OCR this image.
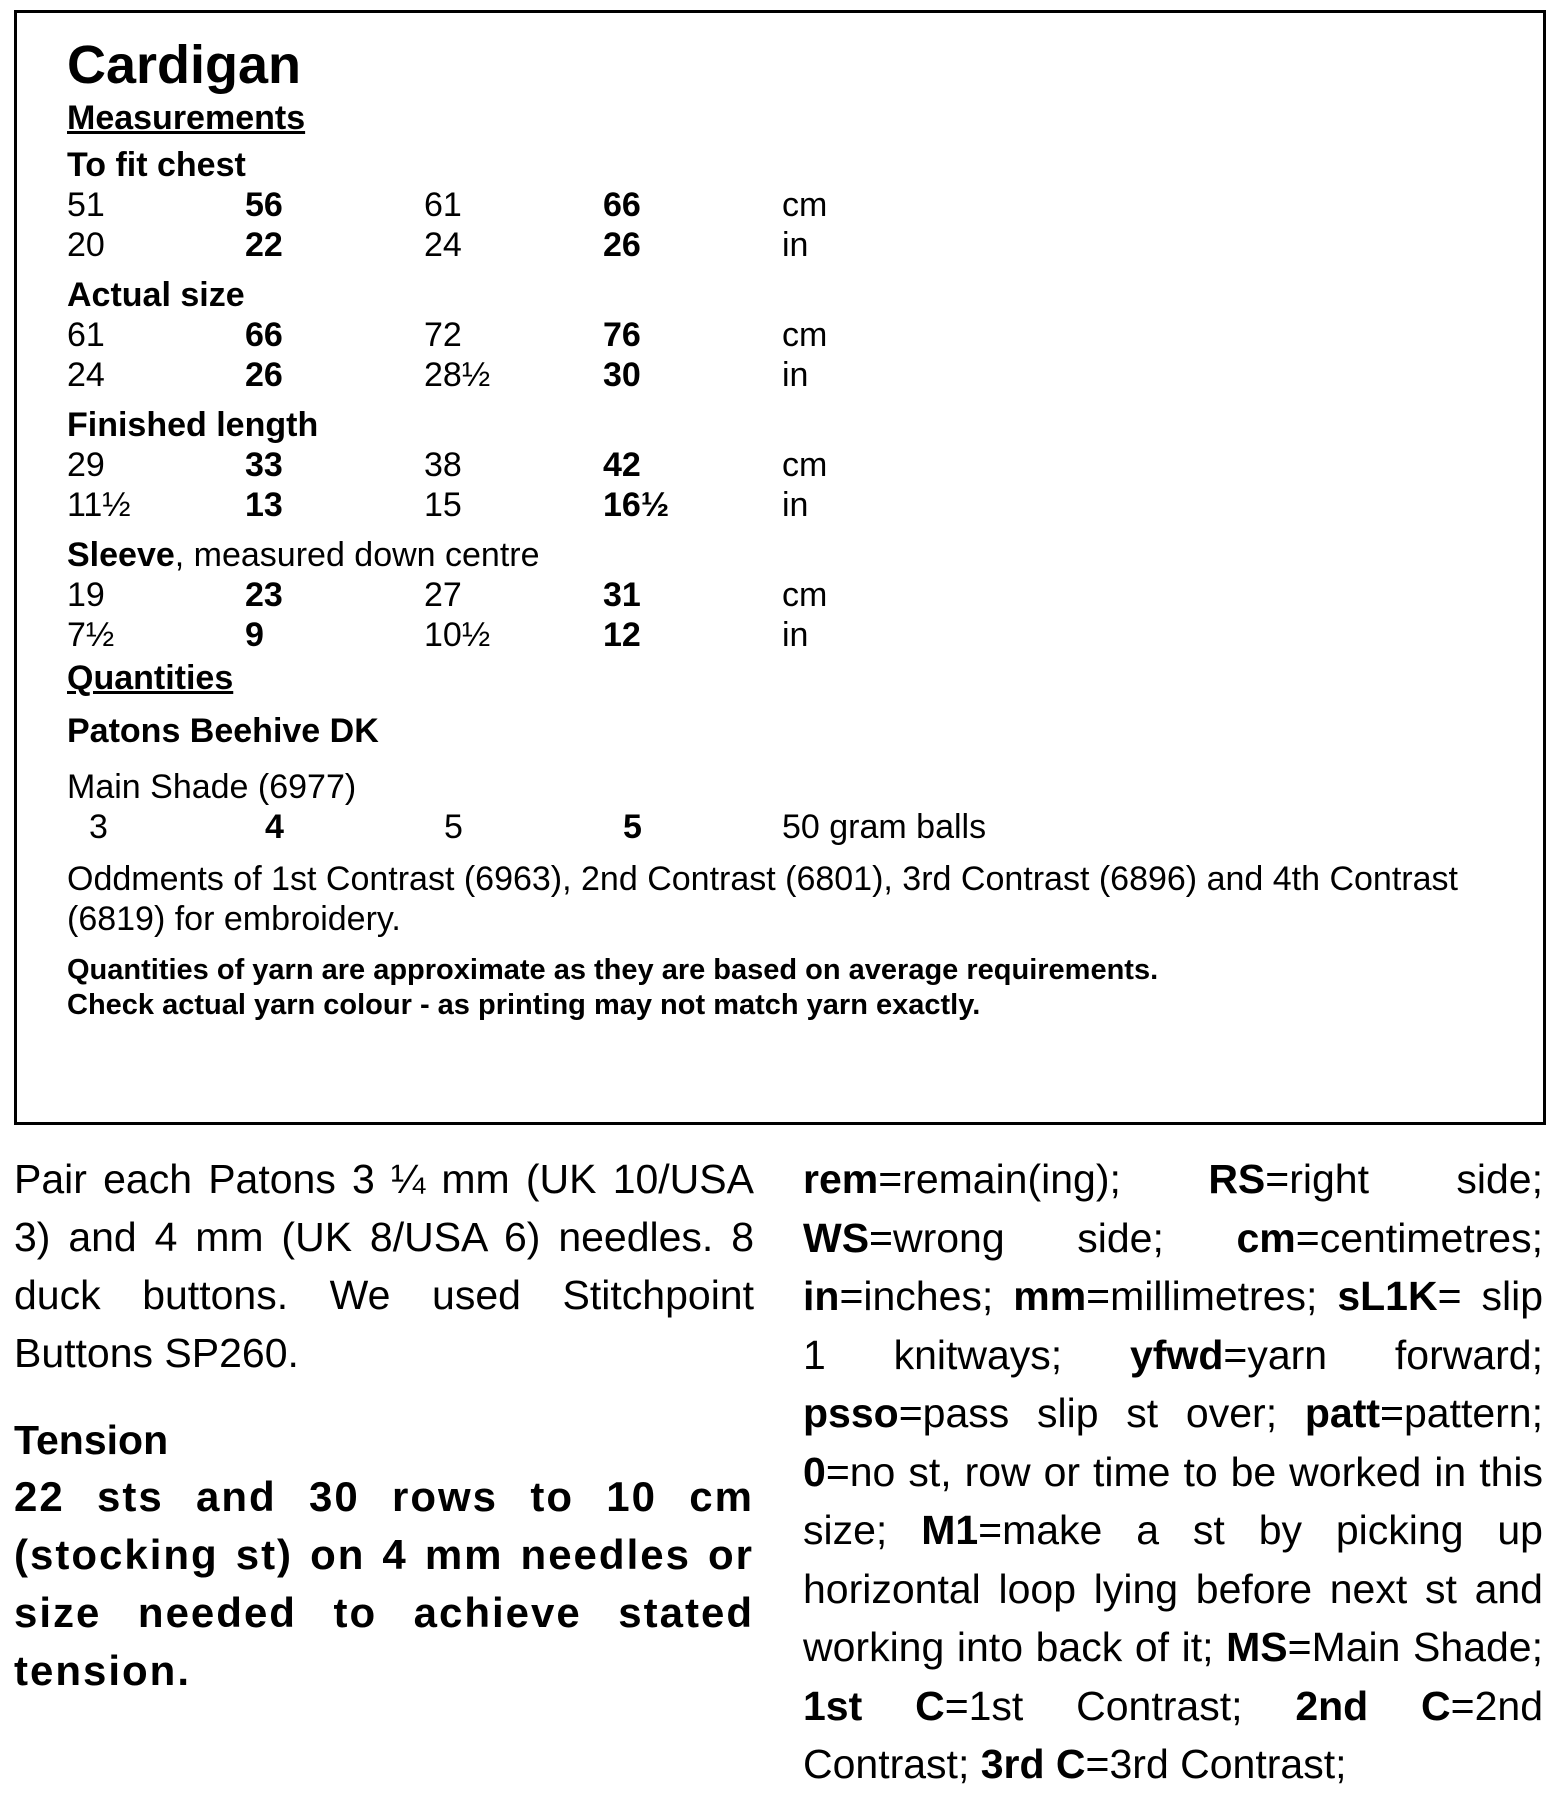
Cardigan

Measurements

To fit chest

51	56	61	66	cm
20	22	24	26	in

Actual size

61	66	72	76	cm
24	26	28½	30	in

Finished length

29	33	38	42	cm
11½	13	15	16½	in

Sleeve, measured down centre

19	23	27	31	cm
7½	9	10½	12	in

Quantities

Patons Beehive DK

Main Shade (6977)

3	4	5	5	50 gram balls

Oddments of 1st Contrast (6963), 2nd Contrast (6801), 3rd Contrast (6896) and 4th Contrast (6819) for embroidery.

Quantities of yarn are approximate as they are based on average requirements.

Check actual yarn colour - as printing may not match yarn exactly.

Pair each Patons 3 ¼ mm (UK 10/USA 3) and 4 mm (UK 8/USA 6) needles. 8 duck buttons. We used Stitchpoint Buttons SP260.

Tension

22 sts and 30 rows to 10 cm (stocking st) on 4 mm needles or size needed to achieve stated tension.

rem=remain(ing); RS=right side; WS=wrong side; cm=centimetres; in=inches; mm=millimetres; sL1K= slip 1 knitways; yfwd=yarn forward; psso=pass slip st over; patt=pattern; 0=no st, row or time to be worked in this size; M1=make a st by picking up horizontal loop lying before next st and working into back of it; MS=Main Shade; 1st C=1st Contrast; 2nd C=2nd Contrast; 3rd C=3rd Contrast;
